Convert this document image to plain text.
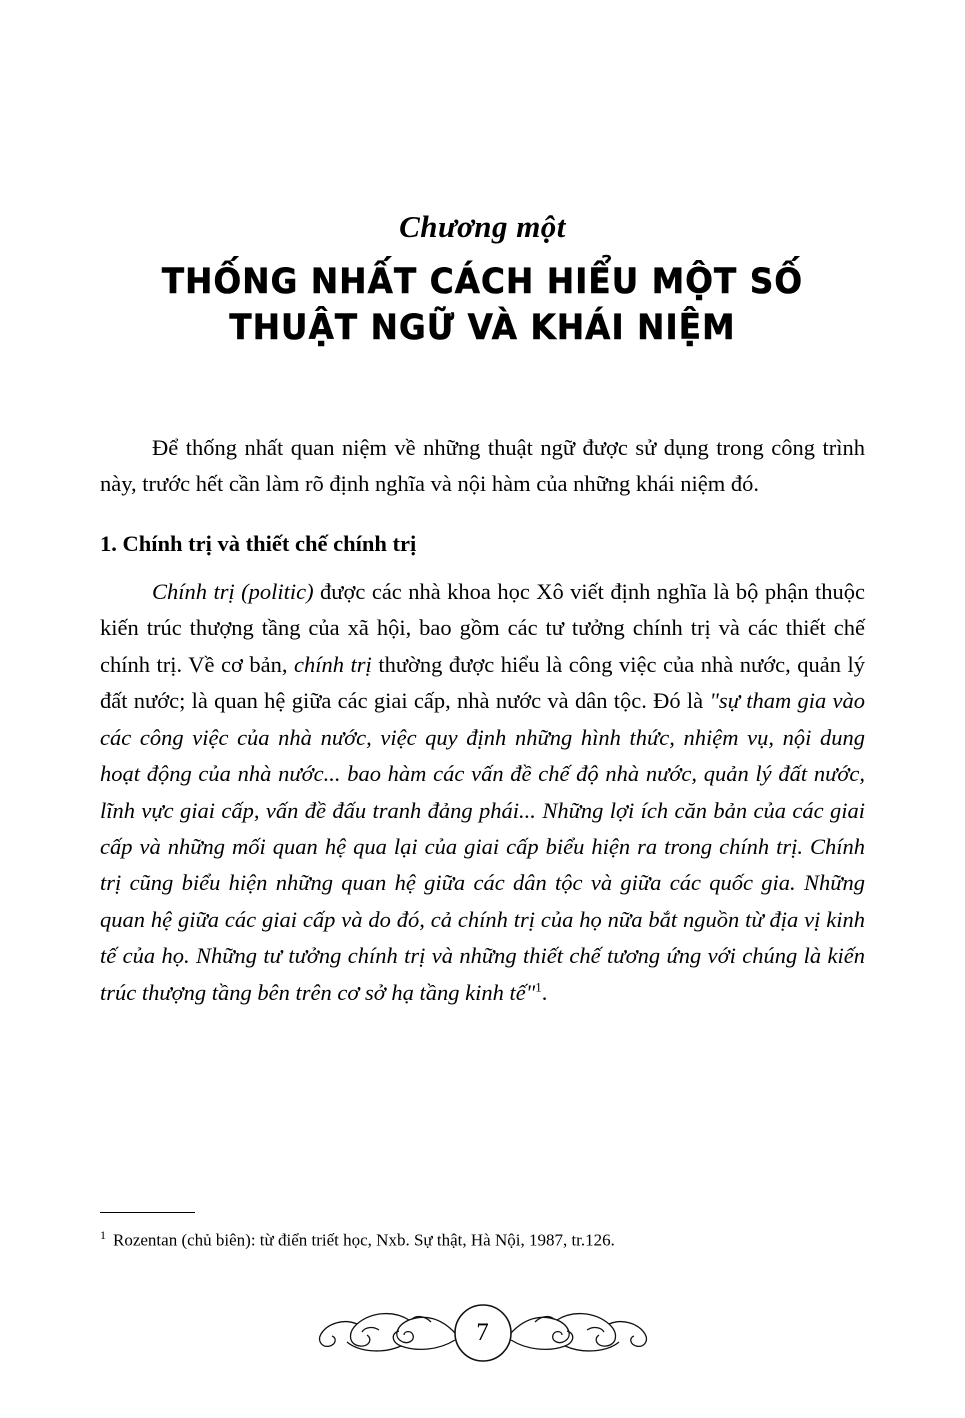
Chương một
THỐNG NHẤT CÁCH HIỂU MỘT SỐ
THUẬT NGỮ VÀ KHÁI NIỆM

Để thống nhất quan niệm về những thuật ngữ được sử dụng trong công trình này, trước hết cần làm rõ định nghĩa và nội hàm của những khái niệm đó.

1. Chính trị và thiết chế chính trị

Chính trị (politic) được các nhà khoa học Xô viết định nghĩa là bộ phận thuộc kiến trúc thượng tầng của xã hội, bao gồm các tư tưởng chính trị và các thiết chế chính trị. Về cơ bản, chính trị thường được hiểu là công việc của nhà nước, quản lý đất nước; là quan hệ giữa các giai cấp, nhà nước và dân tộc. Đó là "sự tham gia vào các công việc của nhà nước, việc quy định những hình thức, nhiệm vụ, nội dung hoạt động của nhà nước... bao hàm các vấn đề chế độ nhà nước, quản lý đất nước, lĩnh vực giai cấp, vấn đề đấu tranh đảng phái... Những lợi ích căn bản của các giai cấp và những mối quan hệ qua lại của giai cấp biểu hiện ra trong chính trị. Chính trị cũng biểu hiện những quan hệ giữa các dân tộc và giữa các quốc gia. Những quan hệ giữa các giai cấp và do đó, cả chính trị của họ nữa bắt nguồn từ địa vị kinh tế của họ. Những tư tưởng chính trị và những thiết chế tương ứng với chúng là kiến trúc thượng tầng bên trên cơ sở hạ tầng kinh tế"$^1$.

$^1$ Rozentan (chủ biên): từ điển triết học, Nxb. Sự thật, Hà Nội, 1987, tr.126.

7
